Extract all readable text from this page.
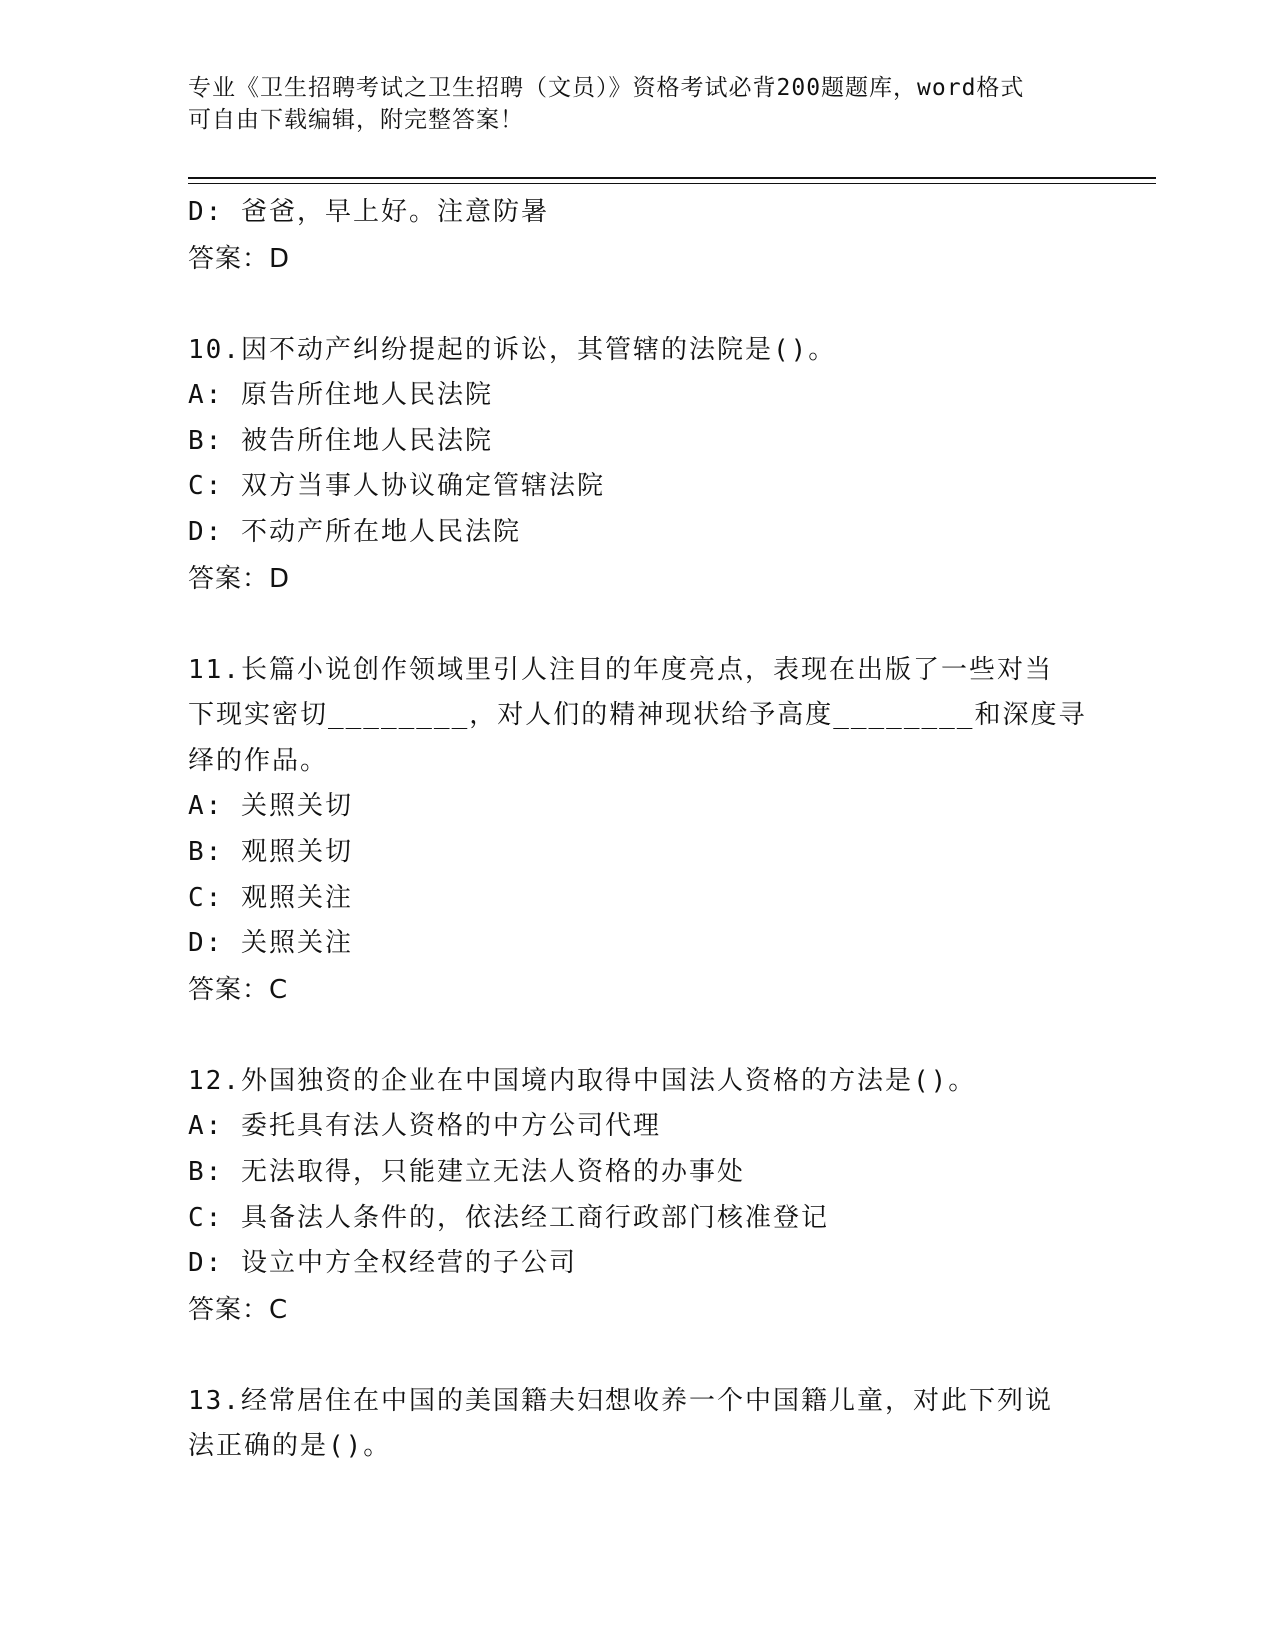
专业《卫生招聘考试之卫生招聘（文员）》资格考试必背200题题库，word格式
可自由下载编辑，附完整答案！
D: 爸爸，早上好。注意防暑
答案：D
10.因不动产纠纷提起的诉讼，其管辖的法院是()。
A: 原告所住地人民法院
B: 被告所住地人民法院
C: 双方当事人协议确定管辖法院
D: 不动产所在地人民法院
答案：D
11.长篇小说创作领域里引人注目的年度亮点，表现在出版了一些对当
下现实密切________，对人们的精神现状给予高度________和深度寻
绎的作品。
A: 关照关切
B: 观照关切
C: 观照关注
D: 关照关注
答案：C
12.外国独资的企业在中国境内取得中国法人资格的方法是()。
A: 委托具有法人资格的中方公司代理
B: 无法取得，只能建立无法人资格的办事处
C: 具备法人条件的，依法经工商行政部门核准登记
D: 设立中方全权经营的子公司
答案：C
13.经常居住在中国的美国籍夫妇想收养一个中国籍儿童，对此下列说
法正确的是()。
